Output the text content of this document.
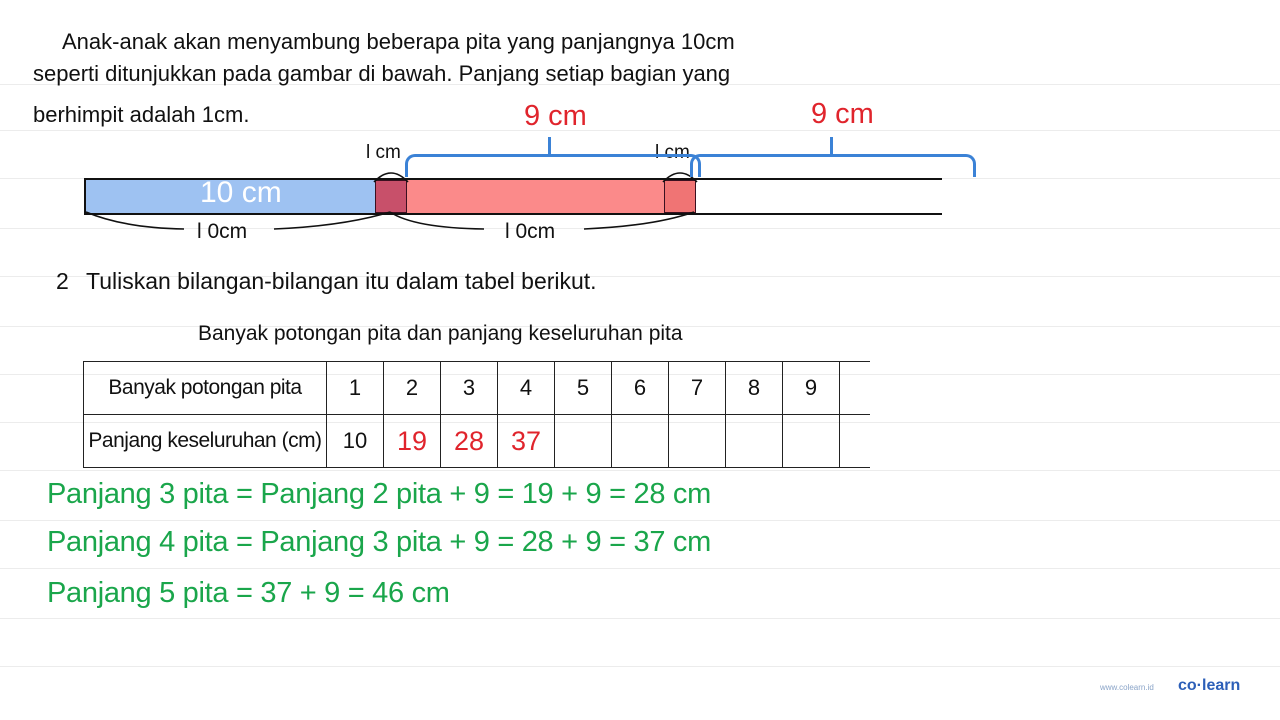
Anak-anak akan menyambung beberapa pita yang panjangnya 10cm
seperti ditunjukkan pada gambar di bawah. Panjang setiap bagian yang
berhimpit adalah 1cm.
10 cm
l cm	l cm
l 0cm	l 0cm
9 cm	9 cm
2 Tuliskan bilangan-bilangan itu dalam tabel berikut.
Banyak potongan pita dan panjang keseluruhan pita
Banyak potongan pita	1	2	3	4	5	6	7	8	9	
Panjang keseluruhan (cm)	10	19	28	37						
Panjang 3 pita = Panjang 2 pita + 9 = 19 + 9 = 28 cm
Panjang 4 pita = Panjang 3 pita + 9 = 28 + 9 = 37 cm
Panjang 5 pita = 37 + 9 = 46 cm
www.colearn.id co·learn
